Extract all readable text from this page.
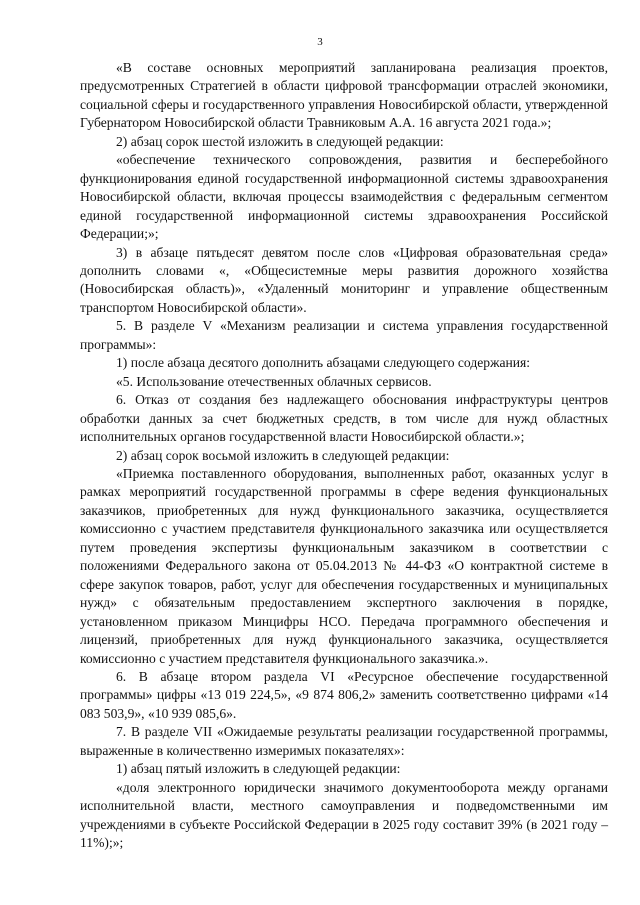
3

«В составе основных мероприятий запланирована реализация проектов, предусмотренных Стратегией в области цифровой трансформации отраслей экономики, социальной сферы и государственного управления Новосибирской области, утвержденной Губернатором Новосибирской области Травниковым А.А. 16 августа 2021 года.»;

2) абзац сорок шестой изложить в следующей редакции:

«обеспечение технического сопровождения, развития и бесперебойного функционирования единой государственной информационной системы здравоохранения Новосибирской области, включая процессы взаимодействия с федеральным сегментом единой государственной информационной системы здравоохранения Российской Федерации;»;

3) в абзаце пятьдесят девятом после слов «Цифровая образовательная среда» дополнить словами «, «Общесистемные меры развития дорожного хозяйства (Новосибирская область)», «Удаленный мониторинг и управление общественным транспортом Новосибирской области».

5. В разделе V «Механизм реализации и система управления государственной программы»:

1) после абзаца десятого дополнить абзацами следующего содержания:

«5. Использование отечественных облачных сервисов.

6. Отказ от создания без надлежащего обоснования инфраструктуры центров обработки данных за счет бюджетных средств, в том числе для нужд областных исполнительных органов государственной власти Новосибирской области.»;

2) абзац сорок восьмой изложить в следующей редакции:

«Приемка поставленного оборудования, выполненных работ, оказанных услуг в рамках мероприятий государственной программы в сфере ведения функциональных заказчиков, приобретенных для нужд функционального заказчика, осуществляется комиссионно с участием представителя функционального заказчика или осуществляется путем проведения экспертизы функциональным заказчиком в соответствии с положениями Федерального закона от 05.04.2013 № 44-ФЗ «О контрактной системе в сфере закупок товаров, работ, услуг для обеспечения государственных и муниципальных нужд» с обязательным предоставлением экспертного заключения в порядке, установленном приказом Минцифры НСО. Передача программного обеспечения и лицензий, приобретенных для нужд функционального заказчика, осуществляется комиссионно с участием представителя функционального заказчика.».

6. В абзаце втором раздела VI «Ресурсное обеспечение государственной программы» цифры «13 019 224,5», «9 874 806,2» заменить соответственно цифрами «14 083 503,9», «10 939 085,6».

7. В разделе VII «Ожидаемые результаты реализации государственной программы, выраженные в количественно измеримых показателях»:

1) абзац пятый изложить в следующей редакции:

«доля электронного юридически значимого документооборота между органами исполнительной власти, местного самоуправления и подведомственными им учреждениями в субъекте Российской Федерации в 2025 году составит 39% (в 2021 году – 11%);»;
